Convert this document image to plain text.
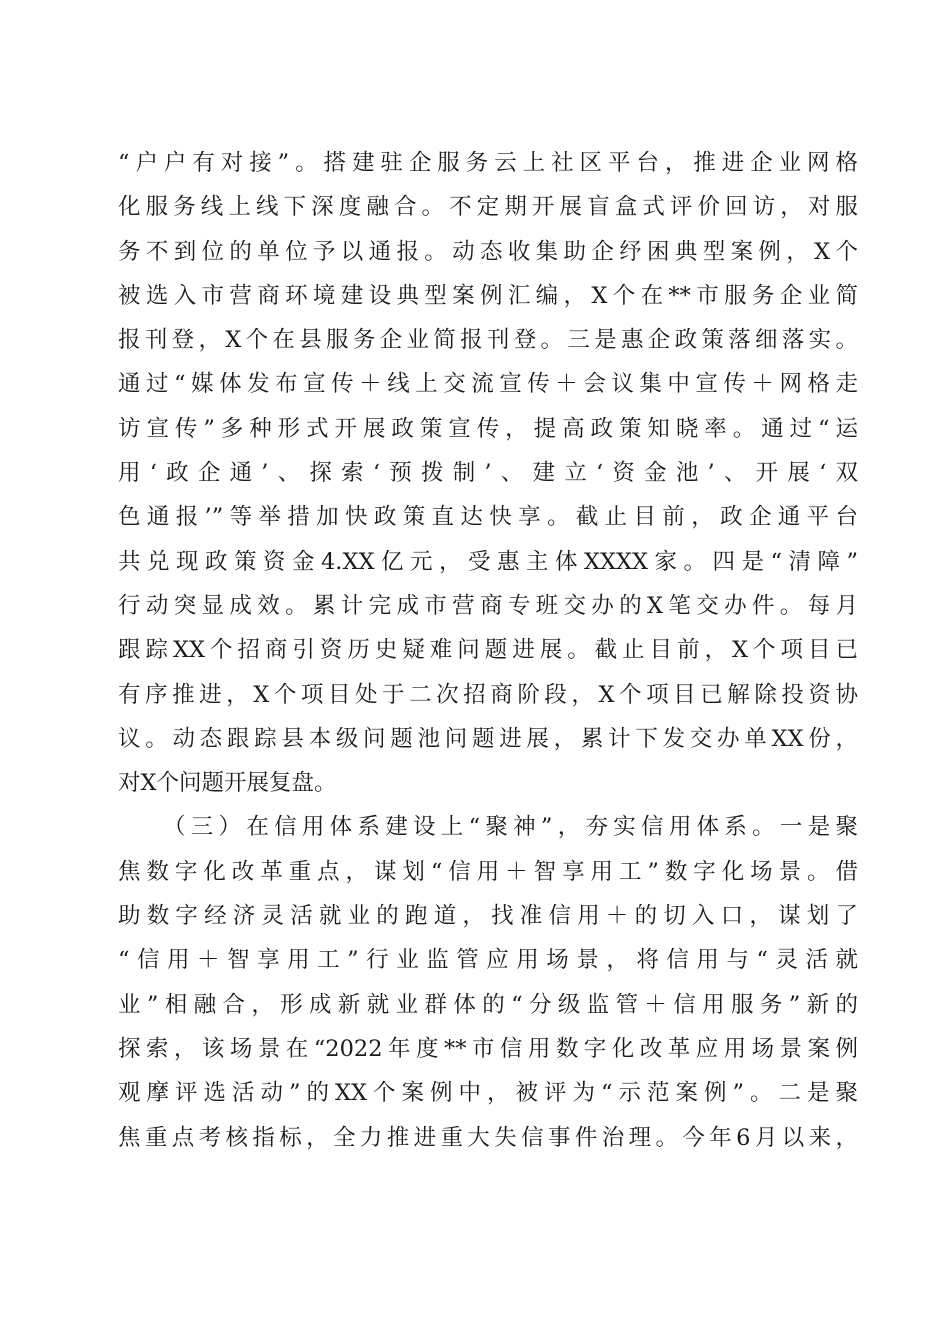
“户户有对接”。搭建驻企服务云上社区平台，推进企业网格
化服务线上线下深度融合。不定期开展盲盒式评价回访，对服
务不到位的单位予以通报。动态收集助企纾困典型案例，X个
被选入市营商环境建设典型案例汇编，X个在**市服务企业简
报刊登，X个在县服务企业简报刊登。三是惠企政策落细落实。
通过“媒体发布宣传＋线上交流宣传＋会议集中宣传＋网格走
访宣传”多种形式开展政策宣传，提高政策知晓率。通过“运
用‘政企通’、探索‘预拨制’、建立‘资金池’、开展‘双
色通报’”等举措加快政策直达快享。截止目前，政企通平台
共兑现政策资金4.XX亿元，受惠主体XXXX家。四是“清障”
行动突显成效。累计完成市营商专班交办的X笔交办件。每月
跟踪XX个招商引资历史疑难问题进展。截止目前，X个项目已
有序推进，X个项目处于二次招商阶段，X个项目已解除投资协
议。动态跟踪县本级问题池问题进展，累计下发交办单XX份，
对X个问题开展复盘。
（三）在信用体系建设上“聚神”，夯实信用体系。一是聚
焦数字化改革重点，谋划“信用＋智享用工”数字化场景。借
助数字经济灵活就业的跑道，找准信用＋的切入口，谋划了
“信用＋智享用工”行业监管应用场景，将信用与“灵活就
业”相融合，形成新就业群体的“分级监管＋信用服务”新的
探索，该场景在“2022年度**市信用数字化改革应用场景案例
观摩评选活动”的XX个案例中，被评为“示范案例”。二是聚
焦重点考核指标，全力推进重大失信事件治理。今年6月以来，
